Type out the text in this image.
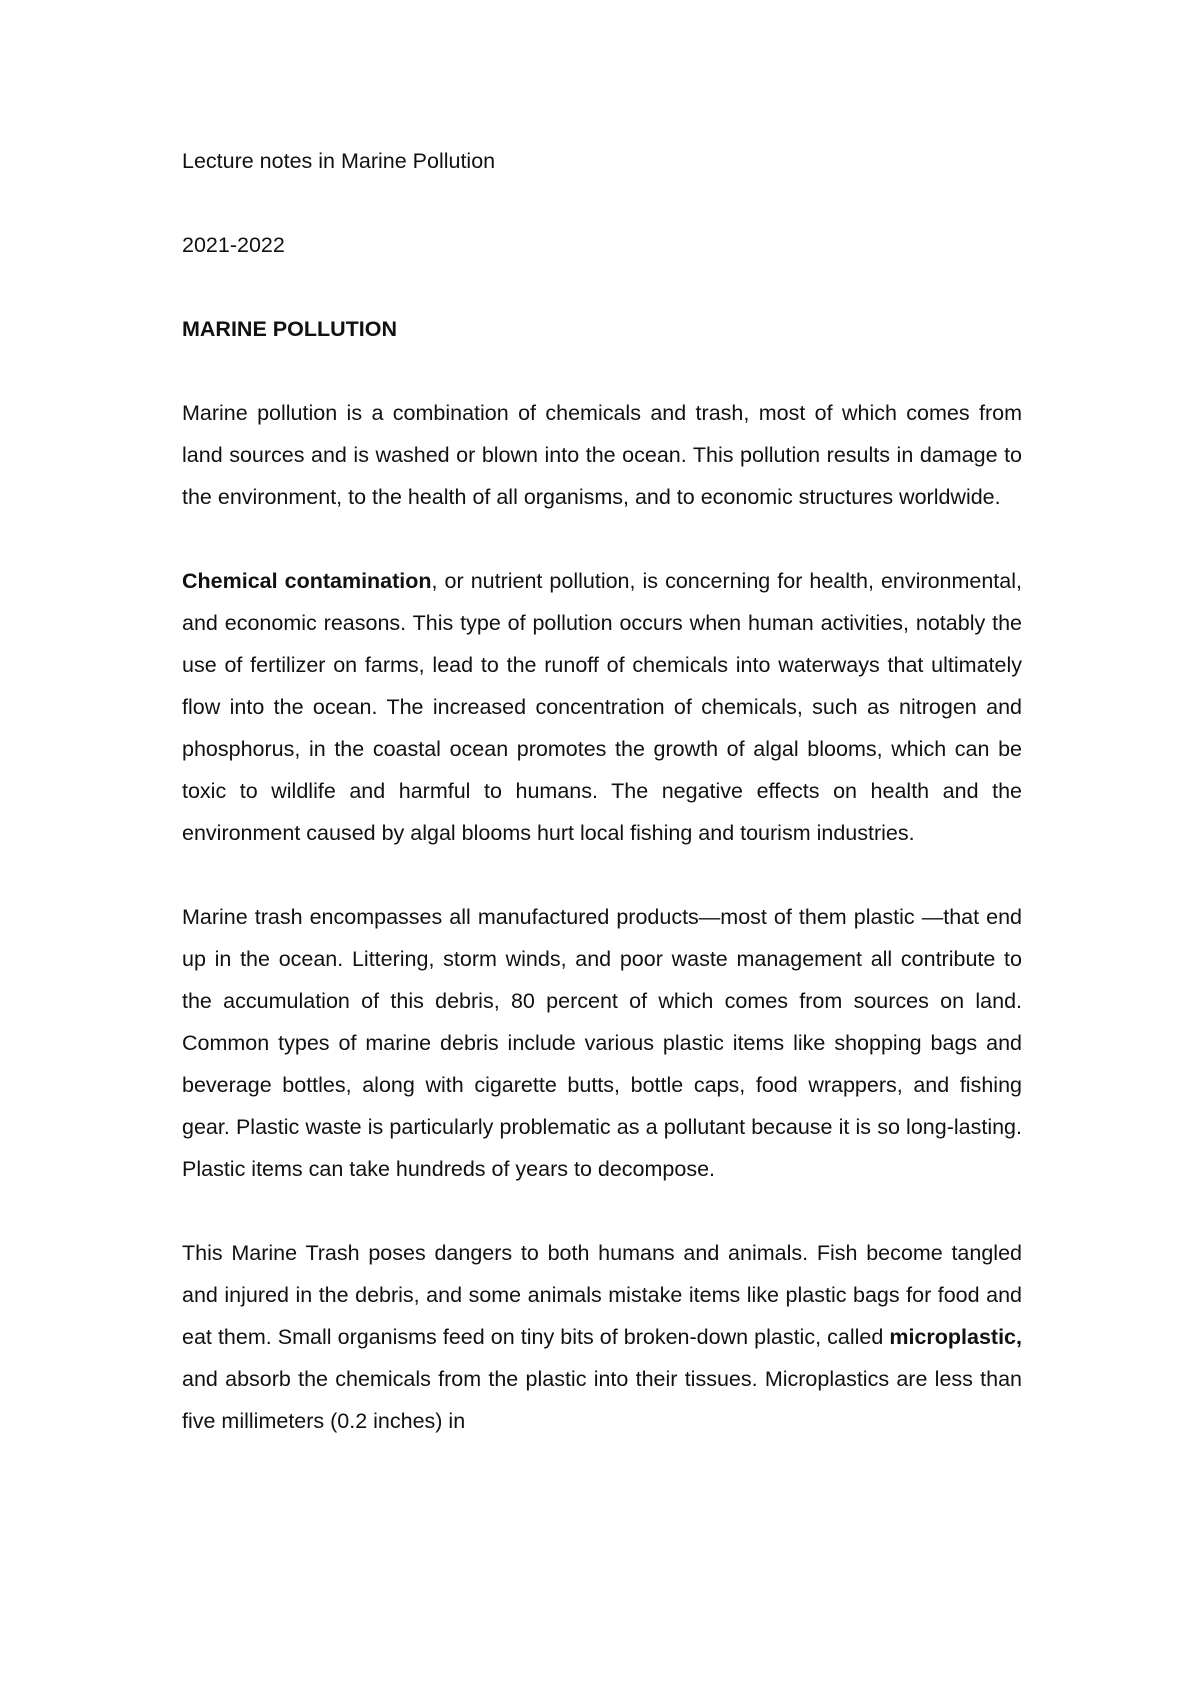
Lecture notes in Marine Pollution

2021-2022

MARINE POLLUTION

Marine pollution is a combination of chemicals and trash, most of which comes from land sources and is washed or blown into the ocean. This pollution results in damage to the environment, to the health of all organisms, and to economic structures worldwide.

Chemical contamination, or nutrient pollution, is concerning for health, environmental, and economic reasons. This type of pollution occurs when human activities, notably the use of fertilizer on farms, lead to the runoff of chemicals into waterways that ultimately flow into the ocean. The increased concentration of chemicals, such as nitrogen and phosphorus, in the coastal ocean promotes the growth of algal blooms, which can be toxic to wildlife and harmful to humans. The negative effects on health and the environment caused by algal blooms hurt local fishing and tourism industries.

Marine trash encompasses all manufactured products—most of them plastic —that end up in the ocean. Littering, storm winds, and poor waste management all contribute to the accumulation of this debris, 80 percent of which comes from sources on land. Common types of marine debris include various plastic items like shopping bags and beverage bottles, along with cigarette butts, bottle caps, food wrappers, and fishing gear. Plastic waste is particularly problematic as a pollutant because it is so long-lasting. Plastic items can take hundreds of years to decompose.

This Marine Trash poses dangers to both humans and animals. Fish become tangled and injured in the debris, and some animals mistake items like plastic bags for food and eat them. Small organisms feed on tiny bits of broken-down plastic, called microplastic, and absorb the chemicals from the plastic into their tissues. Microplastics are less than five millimeters (0.2 inches) in
